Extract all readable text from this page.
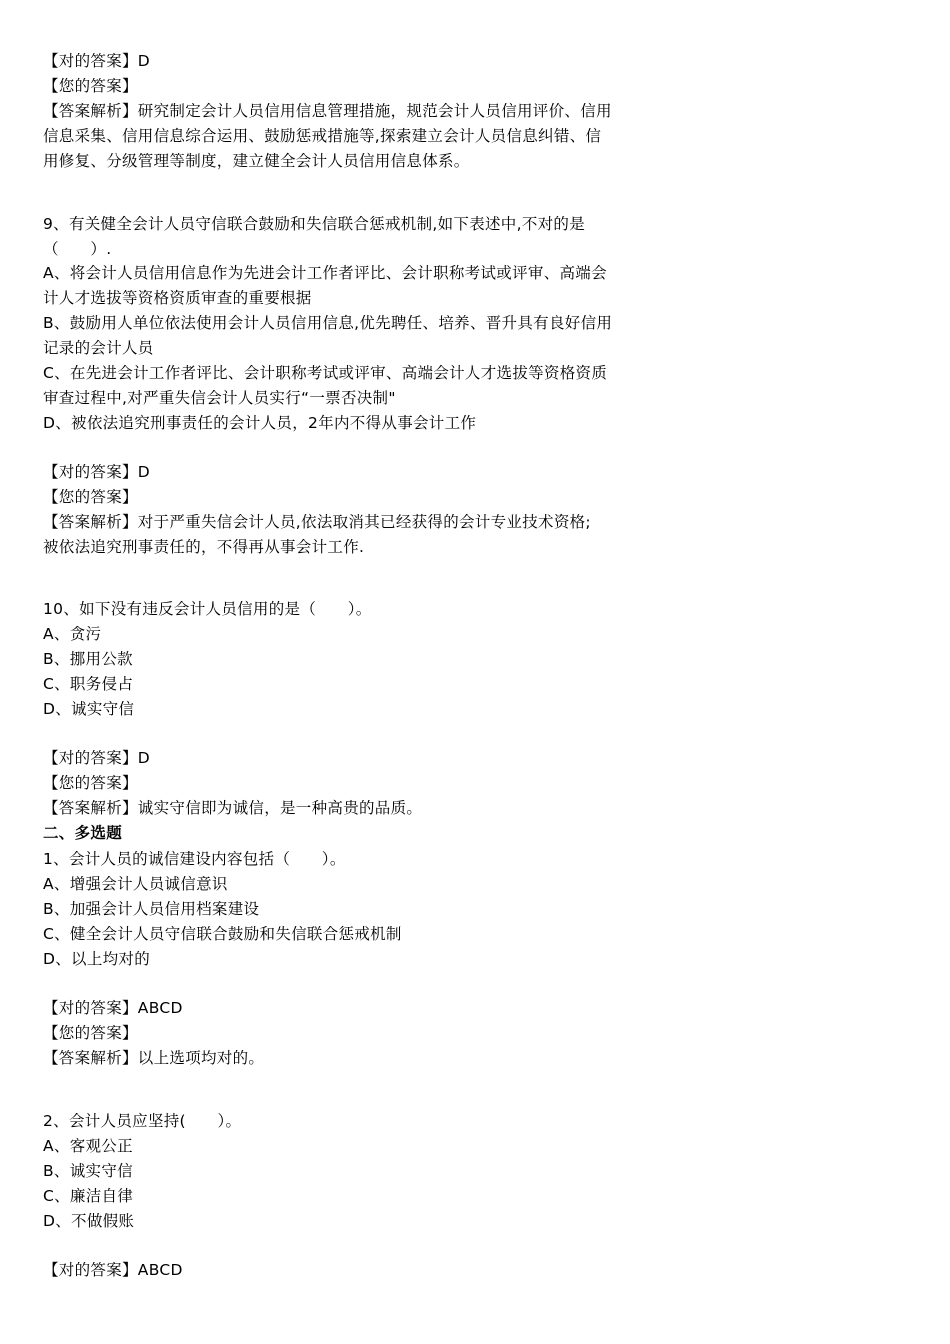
【对的答案】D
【您的答案】
【答案解析】研究制定会计人员信用信息管理措施，规范会计人员信用评价、信用
信息采集、信用信息综合运用、鼓励惩戒措施等,探索建立会计人员信息纠错、信
用修复、分级管理等制度，建立健全会计人员信用信息体系。
9、有关健全会计人员守信联合鼓励和失信联合惩戒机制,如下表述中,不对的是
（　　）.
A、将会计人员信用信息作为先进会计工作者评比、会计职称考试或评审、高端会
计人才选拔等资格资质审查的重要根据
B、鼓励用人单位依法使用会计人员信用信息,优先聘任、培养、晋升具有良好信用
记录的会计人员
C、在先进会计工作者评比、会计职称考试或评审、高端会计人才选拔等资格资质
审查过程中,对严重失信会计人员实行“一票否决制"
D、被依法追究刑事责任的会计人员，2年内不得从事会计工作
【对的答案】D
【您的答案】
【答案解析】对于严重失信会计人员,依法取消其已经获得的会计专业技术资格;
被依法追究刑事责任的，不得再从事会计工作.
10、如下没有违反会计人员信用的是（　　）。
A、贪污
B、挪用公款
C、职务侵占
D、诚实守信
【对的答案】D
【您的答案】
【答案解析】诚实守信即为诚信，是一种高贵的品质。
二、多选题
1、会计人员的诚信建设内容包括（　　）。
A、增强会计人员诚信意识
B、加强会计人员信用档案建设
C、健全会计人员守信联合鼓励和失信联合惩戒机制
D、以上均对的
【对的答案】ABCD
【您的答案】
【答案解析】以上选项均对的。
2、会计人员应坚持(　　）。
A、客观公正
B、诚实守信
C、廉洁自律
D、不做假账
【对的答案】ABCD
